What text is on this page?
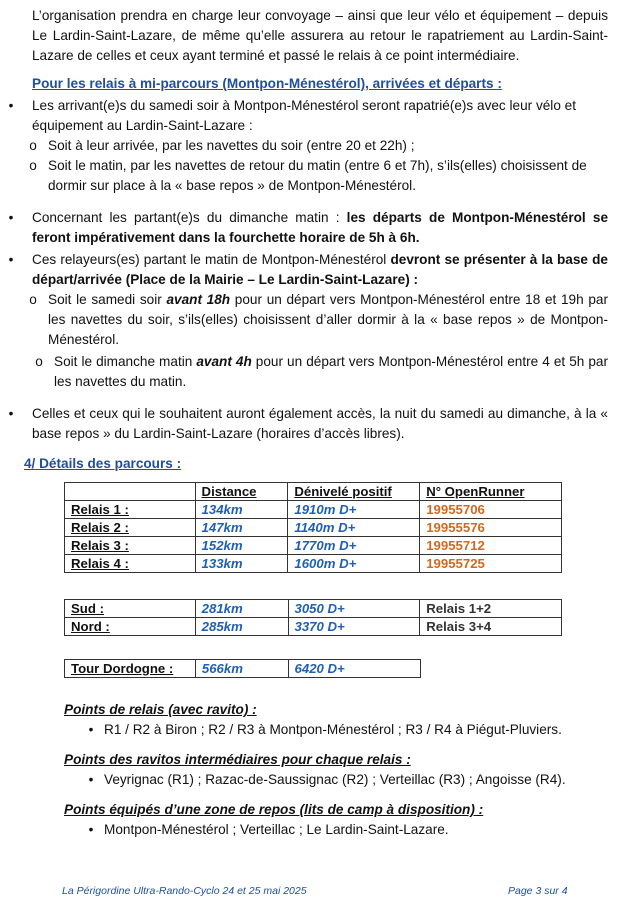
L’organisation prendra en charge leur convoyage – ainsi que leur vélo et équipement – depuis Le Lardin-Saint-Lazare, de même qu’elle assurera au retour le rapatriement au Lardin-Saint-Lazare de celles et ceux ayant terminé et passé le relais à ce point intermédiaire.
Pour les relais à mi-parcours (Montpon-Ménestérol), arrivées et départs :
• Les arrivant(e)s du samedi soir à Montpon-Ménestérol seront rapatrié(e)s avec leur vélo et équipement au Lardin-Saint-Lazare :
o Soit à leur arrivée, par les navettes du soir (entre 20 et 22h) ;
o Soit le matin, par les navettes de retour du matin (entre 6 et 7h), s’ils(elles) choisissent de dormir sur place à la « base repos » de Montpon-Ménestérol.
• Concernant les partant(e)s du dimanche matin : les départs de Montpon-Ménestérol se feront impérativement dans la fourchette horaire de 5h à 6h.
• Ces relayeurs(es) partant le matin de Montpon-Ménestérol devront se présenter à la base de départ/arrivée (Place de la Mairie – Le Lardin-Saint-Lazare) :
o Soit le samedi soir avant 18h pour un départ vers Montpon-Ménestérol entre 18 et 19h par les navettes du soir, s’ils(elles) choisissent d’aller dormir à la « base repos » de Montpon-Ménestérol.
o Soit le dimanche matin avant 4h pour un départ vers Montpon-Ménestérol entre 4 et 5h par les navettes du matin.
• Celles et ceux qui le souhaitent auront également accès, la nuit du samedi au dimanche, à la « base repos » du Lardin-Saint-Lazare (horaires d’accès libres).
4/ Détails des parcours :
	Distance	Dénivelé positif	N° OpenRunner
Relais 1 :	134km	1910m D+	19955706
Relais 2 :	147km	1140m D+	19955576
Relais 3 :	152km	1770m D+	19955712
Relais 4 :	133km	1600m D+	19955725
Sud :	281km	3050 D+	Relais 1+2
Nord :	285km	3370 D+	Relais 3+4
Tour Dordogne :	566km	6420 D+
Points de relais (avec ravito) :
• R1 / R2 à Biron ; R2 / R3 à Montpon-Ménestérol ; R3 / R4 à Piégut-Pluviers.
Points des ravitos intermédiaires pour chaque relais :
• Veyrignac (R1) ; Razac-de-Saussignac (R2) ; Verteillac (R3) ; Angoisse (R4).
Points équipés d’une zone de repos (lits de camp à disposition) :
• Montpon-Ménestérol ; Verteillac ; Le Lardin-Saint-Lazare.
La Périgordine Ultra-Rando-Cyclo 24 et 25 mai 2025	Page 3 sur 4
